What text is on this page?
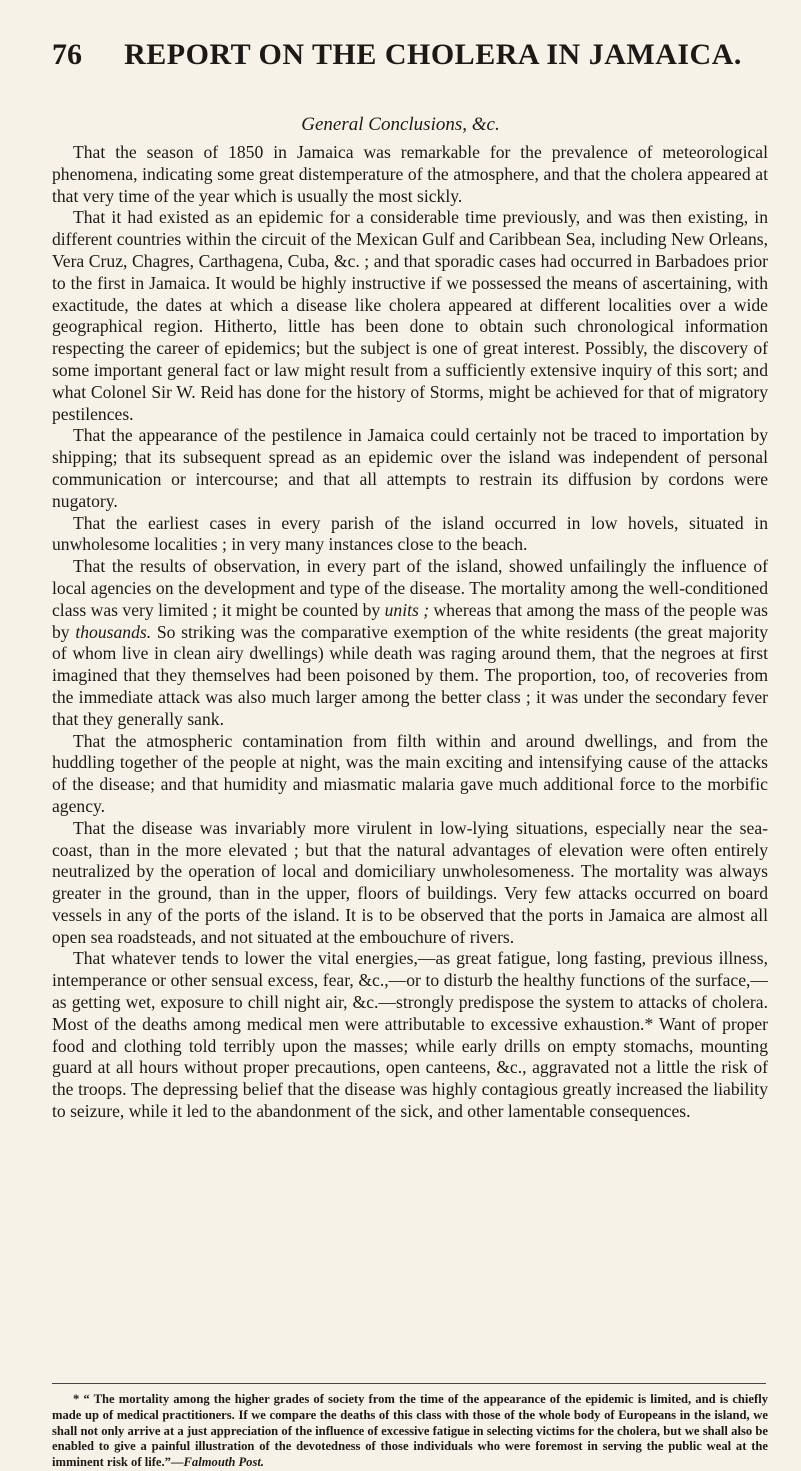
76	REPORT ON THE CHOLERA IN JAMAICA.
General Conclusions, &c.

That the season of 1850 in Jamaica was remarkable for the prevalence of meteorological phenomena, indicating some great distemperature of the atmosphere, and that the cholera appeared at that very time of the year which is usually the most sickly.

That it had existed as an epidemic for a considerable time previously, and was then existing, in different countries within the circuit of the Mexican Gulf and Caribbean Sea, including New Orleans, Vera Cruz, Chagres, Carthagena, Cuba, &c. ; and that sporadic cases had occurred in Barbadoes prior to the first in Jamaica. It would be highly instructive if we possessed the means of ascertaining, with exactitude, the dates at which a disease like cholera appeared at different localities over a wide geographical region. Hitherto, little has been done to obtain such chronological information respecting the career of epidemics; but the subject is one of great interest. Possibly, the discovery of some important general fact or law might result from a sufficiently extensive inquiry of this sort; and what Colonel Sir W. Reid has done for the history of Storms, might be achieved for that of migratory pestilences.

That the appearance of the pestilence in Jamaica could certainly not be traced to importation by shipping; that its subsequent spread as an epidemic over the island was independent of personal communication or intercourse; and that all attempts to restrain its diffusion by cordons were nugatory.

That the earliest cases in every parish of the island occurred in low hovels, situated in unwholesome localities ; in very many instances close to the beach.

That the results of observation, in every part of the island, showed unfailingly the influence of local agencies on the development and type of the disease. The mortality among the well-conditioned class was very limited ; it might be counted by units ; whereas that among the mass of the people was by thousands. So striking was the comparative exemption of the white residents (the great majority of whom live in clean airy dwellings) while death was raging around them, that the negroes at first imagined that they themselves had been poisoned by them. The proportion, too, of recoveries from the immediate attack was also much larger among the better class ; it was under the secondary fever that they generally sank.

That the atmospheric contamination from filth within and around dwellings, and from the huddling together of the people at night, was the main exciting and intensifying cause of the attacks of the disease; and that humidity and miasmatic malaria gave much additional force to the morbific agency.

That the disease was invariably more virulent in low-lying situations, especially near the sea-coast, than in the more elevated ; but that the natural advantages of elevation were often entirely neutralized by the operation of local and domiciliary unwholesomeness. The mortality was always greater in the ground, than in the upper, floors of buildings. Very few attacks occurred on board vessels in any of the ports of the island. It is to be observed that the ports in Jamaica are almost all open sea roadsteads, and not situated at the embouchure of rivers.

That whatever tends to lower the vital energies,—as great fatigue, long fasting, previous illness, intemperance or other sensual excess, fear, &c.,—or to disturb the healthy functions of the surface,—as getting wet, exposure to chill night air, &c.—strongly predispose the system to attacks of cholera. Most of the deaths among medical men were attributable to excessive exhaustion.* Want of proper food and clothing told terribly upon the masses; while early drills on empty stomachs, mounting guard at all hours without proper precautions, open canteens, &c., aggravated not a little the risk of the troops. The depressing belief that the disease was highly contagious greatly increased the liability to seizure, while it led to the abandonment of the sick, and other lamentable consequences.

* “ The mortality among the higher grades of society from the time of the appearance of the epidemic is limited, and is chiefly made up of medical practitioners. If we compare the deaths of this class with those of the whole body of Europeans in the island, we shall not only arrive at a just appreciation of the influence of excessive fatigue in selecting victims for the cholera, but we shall also be enabled to give a painful illustration of the devotedness of those individuals who were foremost in serving the public weal at the imminent risk of life.”—Falmouth Post.
